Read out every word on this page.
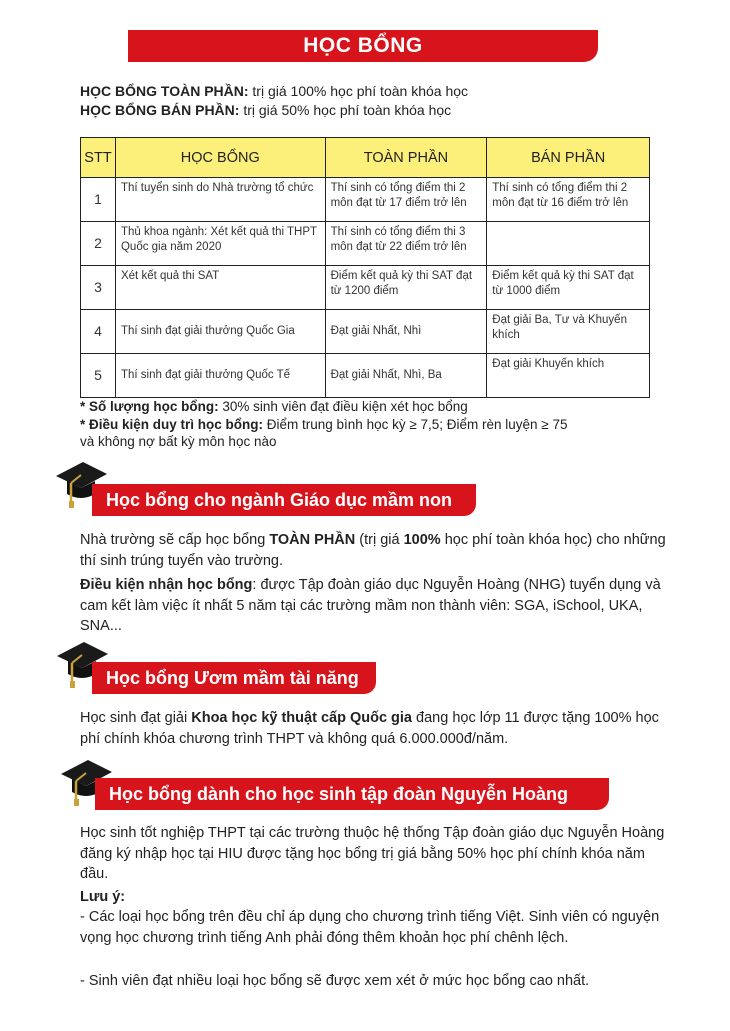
HỌC BỔNG
HỌC BỔNG TOÀN PHẦN: trị giá 100% học phí toàn khóa học
HỌC BỔNG BÁN PHẦN: trị giá 50% học phí toàn khóa học
STT	HỌC BỔNG	TOÀN PHẦN	BÁN PHẦN
1	Thí tuyển sinh do Nhà trường tổ chức	Thí sinh có tổng điểm thi 2 môn đạt từ 17 điểm trở lên	Thí sinh có tổng điểm thi 2 môn đạt từ 16 điểm trở lên
2	Thủ khoa ngành: Xét kết quả thi THPT Quốc gia năm 2020	Thí sinh có tổng điểm thi 3 môn đạt từ 22 điểm trở lên	
3	Xét kết quả thi SAT	Điểm kết quả kỳ thi SAT đạt từ 1200 điểm	Điểm kết quả kỳ thi SAT đạt từ 1000 điểm
4	Thí sinh đạt giải thưởng Quốc Gia	Đạt giải Nhất, Nhì	Đạt giải Ba, Tư và Khuyến khích
5	Thí sinh đạt giải thưởng Quốc Tế	Đạt giải Nhất, Nhì, Ba	Đạt giải Khuyến khích
* Số lượng học bổng: 30% sinh viên đạt điều kiện xét học bổng
* Điều kiện duy trì học bổng: Điểm trung bình học kỳ ≥ 7,5; Điểm rèn luyện ≥ 75
và không nợ bất kỳ môn học nào
Học bổng cho ngành Giáo dục mầm non
Nhà trường sẽ cấp học bổng TOÀN PHẦN (trị giá 100% học phí toàn khóa học) cho những thí sinh trúng tuyển vào trường.
Điều kiện nhận học bổng: được Tập đoàn giáo dục Nguyễn Hoàng (NHG) tuyển dụng và cam kết làm việc ít nhất 5 năm tại các trường mầm non thành viên: SGA, iSchool, UKA, SNA...
Học bổng Ươm mầm tài năng
Học sinh đạt giải Khoa học kỹ thuật cấp Quốc gia đang học lớp 11 được tặng 100% học phí chính khóa chương trình THPT và không quá 6.000.000đ/năm.
Học bổng dành cho học sinh tập đoàn Nguyễn Hoàng
Học sinh tốt nghiệp THPT tại các trường thuộc hệ thống Tập đoàn giáo dục Nguyễn Hoàng đăng ký nhập học tại HIU được tặng học bổng trị giá bằng 50% học phí chính khóa năm đầu.
Lưu ý:
- Các loại học bổng trên đều chỉ áp dụng cho chương trình tiếng Việt. Sinh viên có nguyện vọng học chương trình tiếng Anh phải đóng thêm khoản học phí chênh lệch.
- Sinh viên đạt nhiều loại học bổng sẽ được xem xét ở mức học bổng cao nhất.
